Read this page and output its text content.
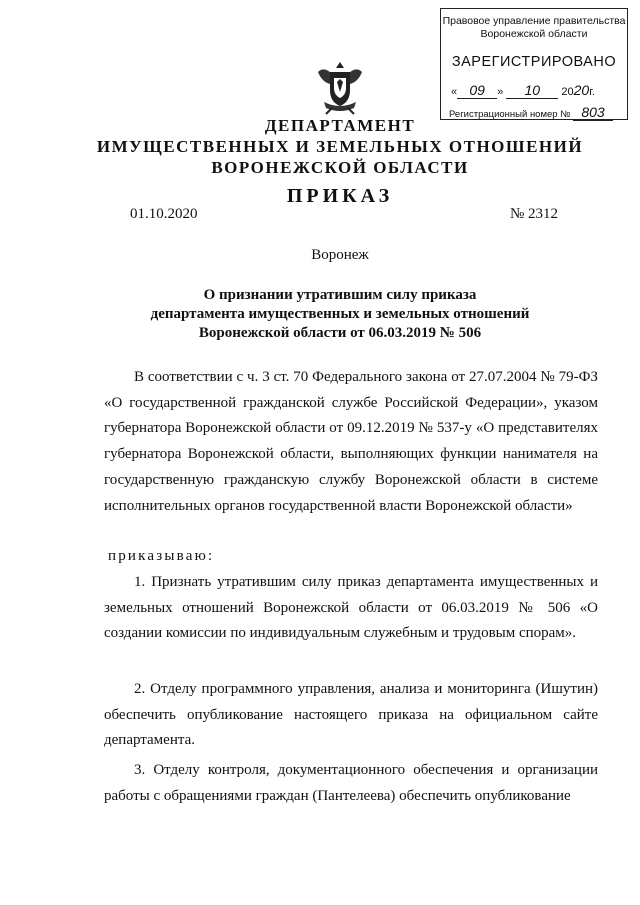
Правовое управление правительства
Воронежской области
ЗАРЕГИСТРИРОВАНО
« 09 » 10 2020г.
Регистрационный номер № 803
ДЕПАРТАМЕНТ
ИМУЩЕСТВЕННЫХ И ЗЕМЕЛЬНЫХ ОТНОШЕНИЙ
ВОРОНЕЖСКОЙ ОБЛАСТИ
ПРИКАЗ
01.10.2020	№ 2312
Воронеж
О признании утратившим силу приказа
департамента имущественных и земельных отношений
Воронежской области от 06.03.2019 № 506
В соответствии с ч. 3 ст. 70 Федерального закона от 27.07.2004 № 79-ФЗ «О государственной гражданской службе Российской Федерации», указом губернатора Воронежской области от 09.12.2019 № 537-у «О представителях губернатора Воронежской области, выполняющих функции нанимателя на государственную гражданскую службу Воронежской области в системе исполнительных органов государственной власти Воронежской области»
приказываю:
1. Признать утратившим силу приказ департамента имущественных и земельных отношений Воронежской области от 06.03.2019 № 506 «О создании комиссии по индивидуальным служебным и трудовым спорам».
2. Отделу программного управления, анализа и мониторинга (Ишутин) обеспечить опубликование настоящего приказа на официальном сайте департамента.
3. Отделу контроля, документационного обеспечения и организации работы с обращениями граждан (Пантелеева) обеспечить опубликование
